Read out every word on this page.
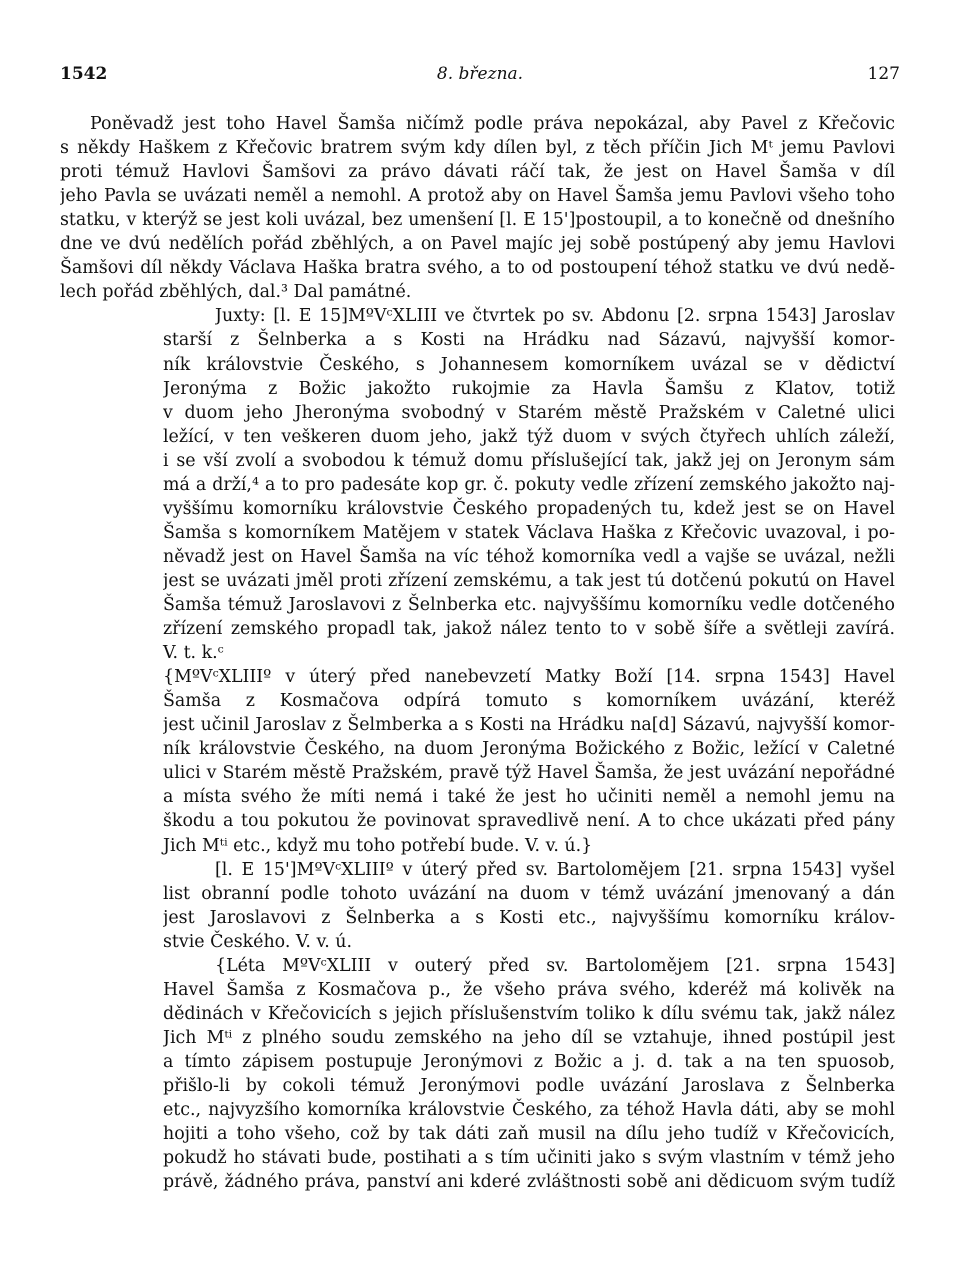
1542	8. března.	127
Poněvadž jest toho Havel Šamša ničímž podle práva nepokázal, aby Pavel z Křečovic
s někdy Haškem z Křečovic bratrem svým kdy dílen byl, z těch příčin Jich Mᵗ jemu Pavlovi
proti témuž Havlovi Šamšovi za právo dávati ráčí tak, že jest on Havel Šamša v díl
jeho Pavla se uvázati neměl a nemohl. A protož aby on Havel Šamša jemu Pavlovi všeho toho
statku, v kterýž se jest koli uvázal, bez umenšení [l. E 15']postoupil, a to konečně od dnešního
dne ve dvú nedělích pořád zběhlých, a on Pavel majíc jej sobě postúpený aby jemu Havlovi
Šamšovi díl někdy Václava Haška bratra svého, a to od postoupení téhož statku ve dvú nedě-
lech pořád zběhlých, dal.³ Dal památné.
Juxty: [l. E 15]MºVᶜXLIII ve čtvrtek po sv. Abdonu [2. srpna 1543] Jaroslav
starší z Šelnberka a s Kosti na Hrádku nad Sázavú, najvyšší komor-
ník královstvie Českého, s Johannesem komorníkem uvázal se v dědictví
Jeronýma z Božic jakožto rukojmie za Havla Šamšu z Klatov, totiž
v duom jeho Jheronýma svobodný v Starém městě Pražském v Caletné ulici
ležící, v ten veškeren duom jeho, jakž týž duom v svých čtyřech uhlích záleží,
i se vší zvolí a svobodou k témuž domu příslušející tak, jakž jej on Jeronym sám
má a drží,⁴ a to pro padesáte kop gr. č. pokuty vedle zřízení zemského jakožto naj-
vyššímu komorníku královstvie Českého propadených tu, kdež jest se on Havel
Šamša s komorníkem Matějem v statek Václava Haška z Křečovic uvazoval, i po-
něvadž jest on Havel Šamša na víc téhož komorníka vedl a vajše se uvázal, nežli
jest se uvázati jměl proti zřízení zemskému, a tak jest tú dotčenú pokutú on Havel
Šamša témuž Jaroslavovi z Šelnberka etc. najvyššímu komorníku vedle dotčeného
zřízení zemského propadl tak, jakož nález tento to v sobě šíře a světleji zavírá.
V. t. k.ᶜ
{MºVᶜXLIIIº v úterý před nanebevzetí Matky Boží [14. srpna 1543] Havel
Šamša z Kosmačova odpírá tomuto s komorníkem uvázání, kteréž
jest učinil Jaroslav z Šelmberka a s Kosti na Hrádku na[d] Sázavú, najvyšší komor-
ník královstvie Českého, na duom Jeronýma Božického z Božic, ležící v Caletné
ulici v Starém městě Pražském, pravě týž Havel Šamša, že jest uvázání nepořádné
a místa svého že míti nemá i také že jest ho učiniti neměl a nemohl jemu na
škodu a tou pokutou že povinovat spravedlivě není. A to chce ukázati před pány
Jich Mᵗⁱ etc., když mu toho potřebí bude. V. v. ú.}
[l. E 15']MºVᶜXLIIIº v úterý před sv. Bartolomějem [21. srpna 1543] vyšel
list obranní podle tohoto uvázání na duom v témž uvázání jmenovaný a dán
jest Jaroslavovi z Šelnberka a s Kosti etc., najvyššímu komorníku králov-
stvie Českého. V. v. ú.
{Léta MºVᶜXLIII v outerý před sv. Bartolomějem [21. srpna 1543]
Havel Šamša z Kosmačova p., že všeho práva svého, kderéž má kolivěk na
dědinách v Křečovicích s jejich příslušenstvím toliko k dílu svému tak, jakž nález
Jich Mᵗⁱ z plného soudu zemského na jeho díl se vztahuje, ihned postúpil jest
a tímto zápisem postupuje Jeronýmovi z Božic a j. d. tak a na ten spuosob,
přišlo-li by cokoli témuž Jeronýmovi podle uvázání Jaroslava z Šelnberka
etc., najvyzšího komorníka královstvie Českého, za téhož Havla dáti, aby se mohl
hojiti a toho všeho, což by tak dáti zaň musil na dílu jeho tudíž v Křečovicích,
pokudž ho stávati bude, postihati a s tím učiniti jako s svým vlastním v témž jeho
právě, žádného práva, panství ani kderé zvláštnosti sobě ani dědicuom svým tudíž
